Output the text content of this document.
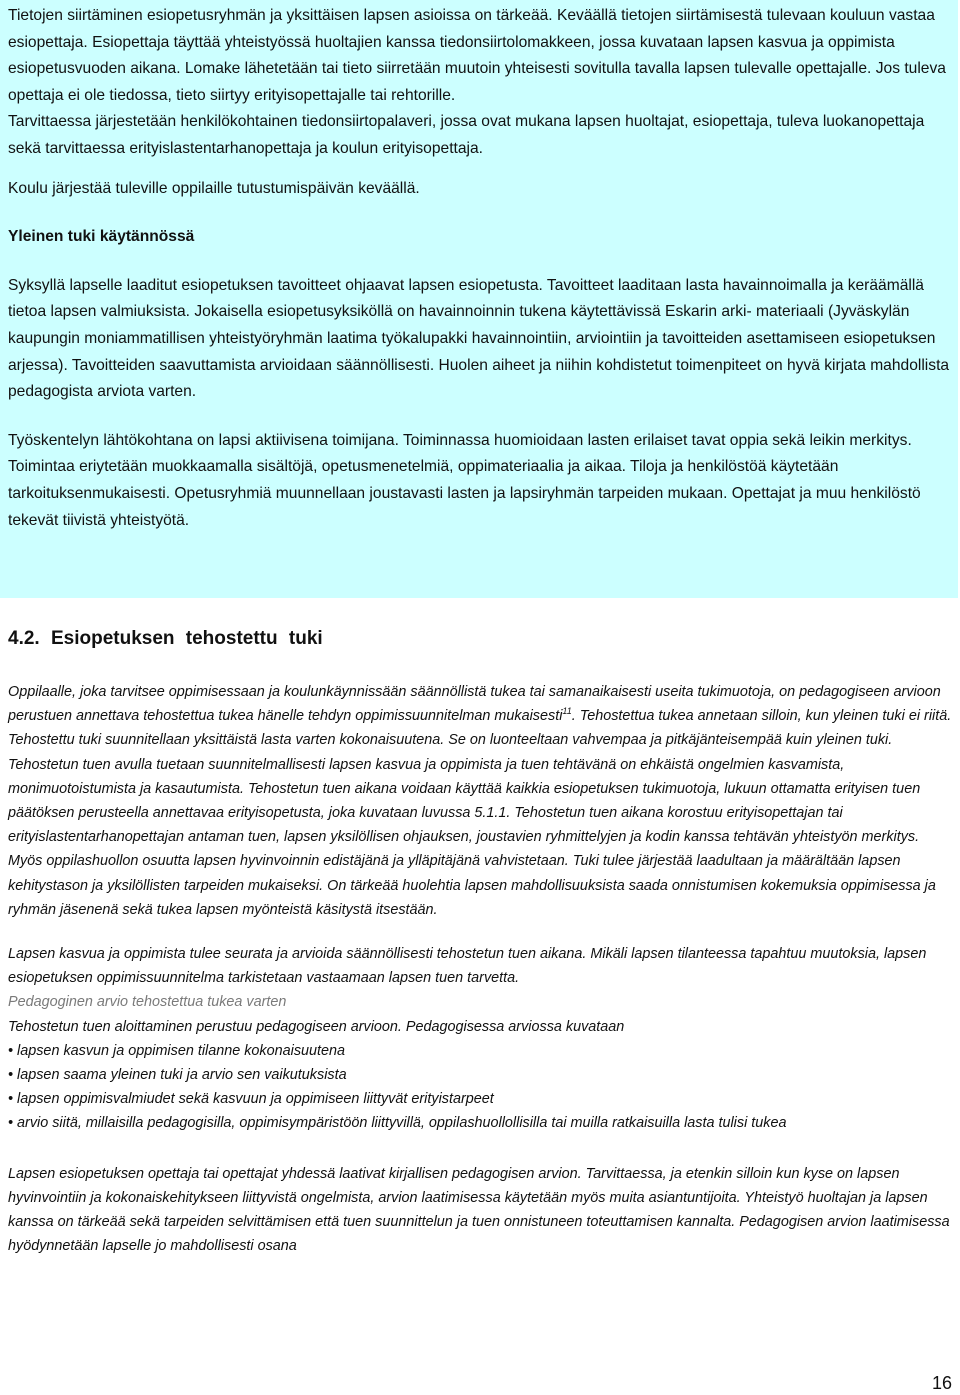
Tietojen siirtäminen esiopetusryhmän ja yksittäisen lapsen asioissa on tärkeää. Keväällä tietojen siirtämisestä tulevaan kouluun vastaa esiopettaja. Esiopettaja täyttää yhteistyössä huoltajien kanssa tiedonsiirtolomakkeen, jossa kuvataan lapsen kasvua ja oppimista esiopetusvuoden aikana. Lomake lähetetään tai tieto siirretään muutoin yhteisesti sovitulla tavalla lapsen tulevalle opettajalle. Jos tuleva opettaja ei ole tiedossa, tieto siirtyy erityisopettajalle tai rehtorille.

Tarvittaessa järjestetään henkilökohtainen tiedonsiirtopalaveri, jossa ovat mukana lapsen huoltajat, esiopettaja, tuleva luokanopettaja sekä tarvittaessa erityislastentarhanopettaja ja koulun erityisopettaja.

Koulu järjestää tuleville oppilaille tutustumispäivän keväällä.

Yleinen tuki käytännössä

Syksyllä lapselle laaditut esiopetuksen tavoitteet ohjaavat lapsen esiopetusta. Tavoitteet laaditaan lasta havainnoimalla ja keräämällä tietoa lapsen valmiuksista. Jokaisella esiopetusyksiköllä on havainnoinnin tukena käytettävissä Eskarin arki- materiaali (Jyväskylän kaupungin moniammatillisen yhteistyöryhmän laatima työkalupakki havainnointiin, arviointiin ja tavoitteiden asettamiseen esiopetuksen arjessa). Tavoitteiden saavuttamista arvioidaan säännöllisesti. Huolen aiheet ja niihin kohdistetut toimenpiteet on hyvä kirjata mahdollista pedagogista arviota varten.

Työskentelyn lähtökohtana on lapsi aktiivisena toimijana. Toiminnassa huomioidaan lasten erilaiset tavat oppia sekä leikin merkitys. Toimintaa eriytetään muokkaamalla sisältöjä, opetusmenetelmiä, oppimateriaalia ja aikaa. Tiloja ja henkilöstöä käytetään tarkoituksenmukaisesti. Opetusryhmiä muunnellaan joustavasti lasten ja lapsiryhmän tarpeiden mukaan. Opettajat ja muu henkilöstö tekevät tiivistä yhteistyötä.

4.2. Esiopetuksen tehostettu tuki

Oppilaalle, joka tarvitsee oppimisessaan ja koulunkäynnissään säännöllistä tukea tai samanaikaisesti useita tukimuotoja, on pedagogiseen arvioon perustuen annettava tehostettua tukea hänelle tehdyn oppimissuunnitelman mukaisesti$^{11}$. Tehostettua tukea annetaan silloin, kun yleinen tuki ei riitä. Tehostettu tuki suunnitellaan yksittäistä lasta varten kokonaisuutena. Se on luonteeltaan vahvempaa ja pitkäjänteisempää kuin yleinen tuki. Tehostetun tuen avulla tuetaan suunnitelmallisesti lapsen kasvua ja oppimista ja tuen tehtävänä on ehkäistä ongelmien kasvamista, monimuotoistumista ja kasautumista. Tehostetun tuen aikana voidaan käyttää kaikkia esiopetuksen tukimuotoja, lukuun ottamatta erityisen tuen päätöksen perusteella annettavaa erityisopetusta, joka kuvataan luvussa 5.1.1. Tehostetun tuen aikana korostuu erityisopettajan tai erityislastentarhanopettajan antaman tuen, lapsen yksilöllisen ohjauksen, joustavien ryhmittelyjen ja kodin kanssa tehtävän yhteistyön merkitys. Myös oppilashuollon osuutta lapsen hyvinvoinnin edistäjänä ja ylläpitäjänä vahvistetaan. Tuki tulee järjestää laadultaan ja määrältään lapsen kehitystason ja yksilöllisten tarpeiden mukaiseksi. On tärkeää huolehtia lapsen mahdollisuuksista saada onnistumisen kokemuksia oppimisessa ja ryhmän jäsenenä sekä tukea lapsen myönteistä käsitystä itsestään.

Lapsen kasvua ja oppimista tulee seurata ja arvioida säännöllisesti tehostetun tuen aikana. Mikäli lapsen tilanteessa tapahtuu muutoksia, lapsen esiopetuksen oppimissuunnitelma tarkistetaan vastaamaan lapsen tuen tarvetta.

Pedagoginen arvio tehostettua tukea varten

Tehostetun tuen aloittaminen perustuu pedagogiseen arvioon. Pedagogisessa arviossa kuvataan

• lapsen kasvun ja oppimisen tilanne kokonaisuutena

• lapsen saama yleinen tuki ja arvio sen vaikutuksista

• lapsen oppimisvalmiudet sekä kasvuun ja oppimiseen liittyvät erityistarpeet

• arvio siitä, millaisilla pedagogisilla, oppimisympäristöön liittyvillä, oppilashuollollisilla tai muilla ratkaisuilla lasta tulisi tukea

Lapsen esiopetuksen opettaja tai opettajat yhdessä laativat kirjallisen pedagogisen arvion. Tarvittaessa, ja etenkin silloin kun kyse on lapsen hyvinvointiin ja kokonaiskehitykseen liittyvistä ongelmista, arvion laatimisessa käytetään myös muita asiantuntijoita. Yhteistyö huoltajan ja lapsen kanssa on tärkeää sekä tarpeiden selvittämisen että tuen suunnittelun ja tuen onnistuneen toteuttamisen kannalta. Pedagogisen arvion laatimisessa hyödynnetään lapselle jo mahdollisesti osana

16
